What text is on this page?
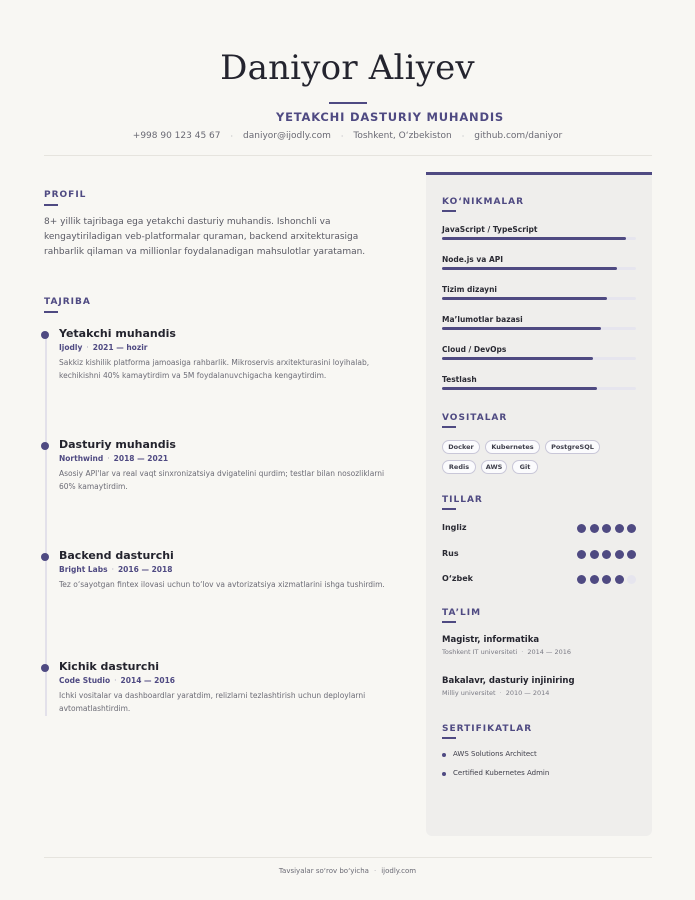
Daniyor Aliyev
YETAKCHI DASTURIY MUHANDIS
+998 90 123 45 67	·	daniyor@ijodly.com	·	Toshkent, O‘zbekiston	·	github.com/daniyor
PROFIL
8+ yillik tajribaga ega yetakchi dasturiy muhandis. Ishonchli va kengaytiriladigan veb-platformalar quraman, backend arxitekturasiga rahbarlik qilaman va millionlar foydalanadigan mahsulotlar yarataman.
TAJRIBA
Yetakchi muhandis
Ijodly · 2021 — hozir
Sakkiz kishilik platforma jamoasiga rahbarlik. Mikroservis arxitekturasini loyihalab, kechikishni 40% kamaytirdim va 5M foydalanuvchigacha kengaytirdim.
Dasturiy muhandis
Northwind · 2018 — 2021
Asosiy API'lar va real vaqt sinxronizatsiya dvigatelini qurdim; testlar bilan nosozliklarni 60% kamaytirdim.
Backend dasturchi
Bright Labs · 2016 — 2018
Tez o‘sayotgan fintex ilovasi uchun to‘lov va avtorizatsiya xizmatlarini ishga tushirdim.
Kichik dasturchi
Code Studio · 2014 — 2016
Ichki vositalar va dashboardlar yaratdim, relizlarni tezlashtirish uchun deploylarni avtomatlashtirdim.
KO‘NIKMALAR
JavaScript / TypeScript
Node.js va API
Tizim dizayni
Ma’lumotlar bazasi
Cloud / DevOps
Testlash
VOSITALAR
Docker	Kubernetes	PostgreSQL
Redis	AWS	Git
TILLAR
Ingliz
Rus
O‘zbek
TA’LIM
Magistr, informatika
Toshkent IT universiteti · 2014 — 2016
Bakalavr, dasturiy injiniring
Milliy universitet · 2010 — 2014
SERTIFIKATLAR
AWS Solutions Architect
Certified Kubernetes Admin
Tavsiyalar so‘rov bo‘yicha · ijodly.com
